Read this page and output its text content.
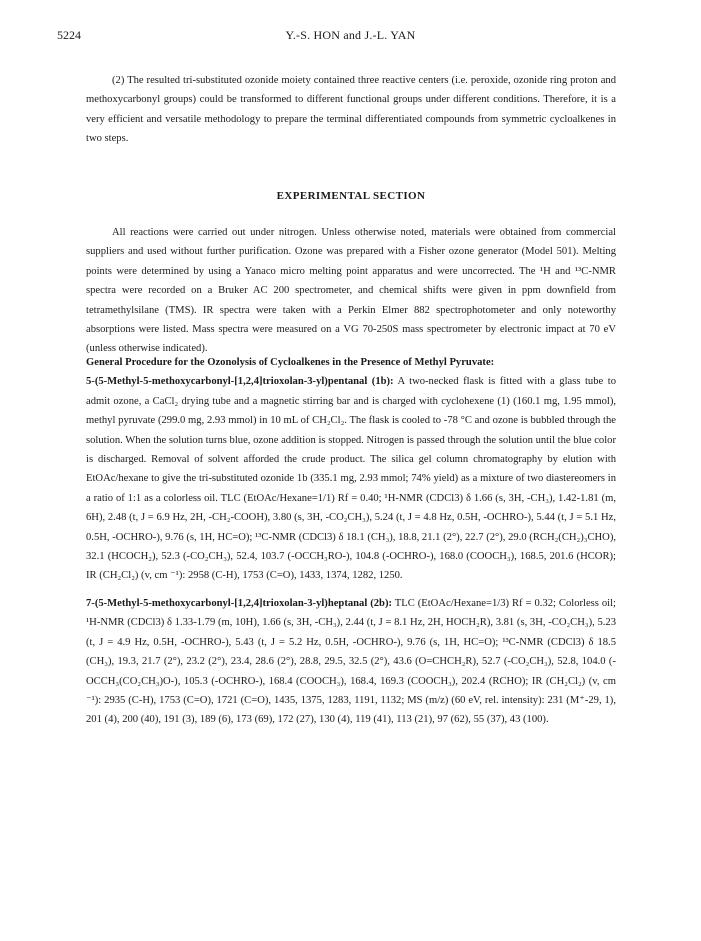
5224	Y.-S. HON and J.-L. YAN

(2) The resulted tri-substituted ozonide moiety contained three reactive centers (i.e. peroxide, ozonide ring proton and methoxycarbonyl groups) could be transformed to different functional groups under different conditions. Therefore, it is a very efficient and versatile methodology to prepare the terminal differentiated compounds from symmetric cycloalkenes in two steps.

EXPERIMENTAL SECTION

All reactions were carried out under nitrogen. Unless otherwise noted, materials were obtained from commercial suppliers and used without further purification. Ozone was prepared with a Fisher ozone generator (Model 501). Melting points were determined by using a Yanaco micro melting point apparatus and were uncorrected. The ¹H and ¹³C-NMR spectra were recorded on a Bruker AC 200 spectrometer, and chemical shifts were given in ppm downfield from tetramethylsilane (TMS). IR spectra were taken with a Perkin Elmer 882 spectrophotometer and only noteworthy absorptions were listed. Mass spectra were measured on a VG 70-250S mass spectrometer by electronic impact at 70 eV (unless otherwise indicated).

General Procedure for the Ozonolysis of Cycloalkenes in the Presence of Methyl Pyruvate:
5-(5-Methyl-5-methoxycarbonyl-[1,2,4]trioxolan-3-yl)pentanal (1b): A two-necked flask is fitted with a glass tube to admit ozone, a CaCl₂ drying tube and a magnetic stirring bar and is charged with cyclohexene (1) (160.1 mg, 1.95 mmol), methyl pyruvate (299.0 mg, 2.93 mmol) in 10 mL of CH₂Cl₂. The flask is cooled to -78 °C and ozone is bubbled through the solution. When the solution turns blue, ozone addition is stopped. Nitrogen is passed through the solution until the blue color is discharged. Removal of solvent afforded the crude product. The silica gel column chromatography by elution with EtOAc/hexane to give the tri-substituted ozonide 1b (335.1 mg, 2.93 mmol; 74% yield) as a mixture of two diastereomers in a ratio of 1:1 as a colorless oil. TLC (EtOAc/Hexane=1/1) Rf = 0.40; ¹H-NMR (CDCl3) δ 1.66 (s, 3H, -CH₃), 1.42-1.81 (m, 6H), 2.48 (t, J = 6.9 Hz, 2H, -CH₂-COOH), 3.80 (s, 3H, -CO₂CH₃), 5.24 (t, J = 4.8 Hz, 0.5H, -OCHRO-), 5.44 (t, J = 5.1 Hz, 0.5H, -OCHRO-), 9.76 (s, 1H, HC=O); ¹³C-NMR (CDCl3) δ 18.1 (CH₃), 18.8, 21.1 (2°), 22.7 (2°), 29.0 (RCH₂(CH₂)₃CHO), 32.1 (HCOCH₂), 52.3 (-CO₂CH₃), 52.4, 103.7 (-OCCH₃RO-), 104.8 (-OCHRO-), 168.0 (COOCH₃), 168.5, 201.6 (HCOR); IR (CH₂Cl₂) (v, cm ⁻¹): 2958 (C-H), 1753 (C=O), 1433, 1374, 1282, 1250.

7-(5-Methyl-5-methoxycarbonyl-[1,2,4]trioxolan-3-yl)heptanal (2b): TLC (EtOAc/Hexane=1/3) Rf = 0.32; Colorless oil; ¹H-NMR (CDCl3) δ 1.33-1.79 (m, 10H), 1.66 (s, 3H, -CH₃), 2.44 (t, J = 8.1 Hz, 2H, HOCH₂R), 3.81 (s, 3H, -CO₂CH₃), 5.23 (t, J = 4.9 Hz, 0.5H, -OCHRO-), 5.43 (t, J = 5.2 Hz, 0.5H, -OCHRO-), 9.76 (s, 1H, HC=O); ¹³C-NMR (CDCl3) δ 18.5 (CH₃), 19.3, 21.7 (2°), 23.2 (2°), 23.4, 28.6 (2°), 28.8, 29.5, 32.5 (2°), 43.6 (O=CHCH₂R), 52.7 (-CO₂CH₃), 52.8, 104.0 (-OCCH₃(CO₂CH₃)O-), 105.3 (-OCHRO-), 168.4 (COOCH₃), 168.4, 169.3 (COOCH₃), 202.4 (RCHO); IR (CH₂Cl₂) (v, cm ⁻¹): 2935 (C-H), 1753 (C=O), 1721 (C=O), 1435, 1375, 1283, 1191, 1132; MS (m/z) (60 eV, rel. intensity): 231 (M⁺-29, 1), 201 (4), 200 (40), 191 (3), 189 (6), 173 (69), 172 (27), 130 (4), 119 (41), 113 (21), 97 (62), 55 (37), 43 (100).
